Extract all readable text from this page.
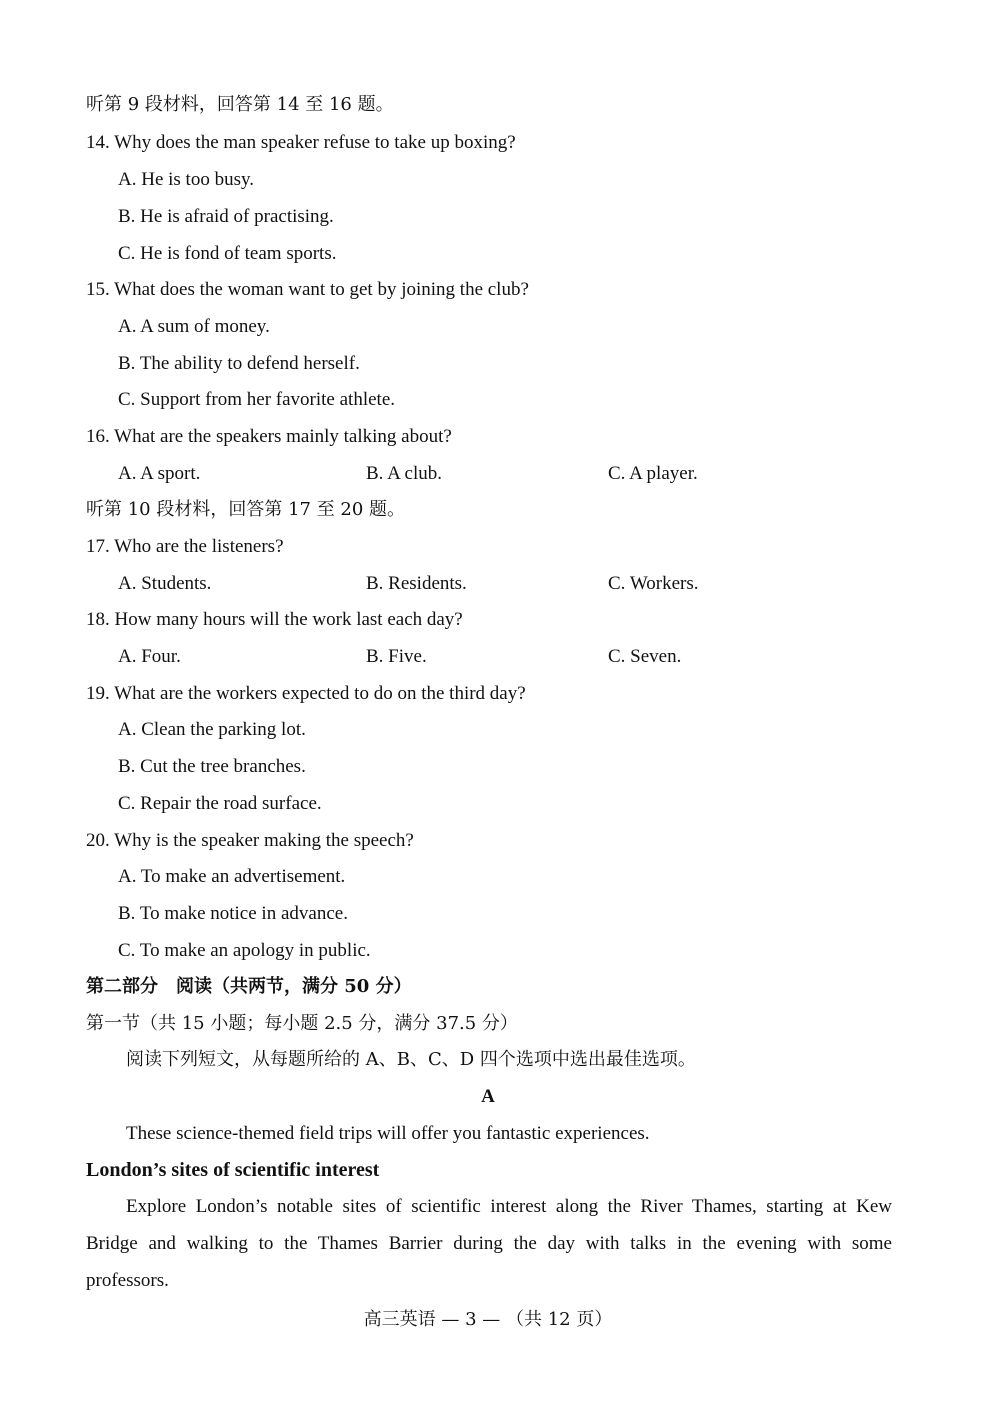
听第 9 段材料，回答第 14 至 16 题。
14. Why does the man speaker refuse to take up boxing?
A. He is too busy.
B. He is afraid of practising.
C. He is fond of team sports.
15. What does the woman want to get by joining the club?
A. A sum of money.
B. The ability to defend herself.
C. Support from her favorite athlete.
16. What are the speakers mainly talking about?
A. A sport.	B. A club.	C. A player.
听第 10 段材料，回答第 17 至 20 题。
17. Who are the listeners?
A. Students.	B. Residents.	C. Workers.
18. How many hours will the work last each day?
A. Four.	B. Five.	C. Seven.
19. What are the workers expected to do on the third day?
A. Clean the parking lot.
B. Cut the tree branches.
C. Repair the road surface.
20. Why is the speaker making the speech?
A. To make an advertisement.
B. To make notice in advance.
C. To make an apology in public.
第二部分　阅读（共两节，满分 50 分）
第一节（共 15 小题；每小题 2.5 分，满分 37.5 分）
阅读下列短文，从每题所给的 A、B、C、D 四个选项中选出最佳选项。
A
These science-themed field trips will offer you fantastic experiences.
London’s sites of scientific interest
Explore London’s notable sites of scientific interest along the River Thames, starting at Kew
Bridge and walking to the Thames Barrier during the day with talks in the evening with some
professors.
高三英语 — 3 — （共 12 页）
